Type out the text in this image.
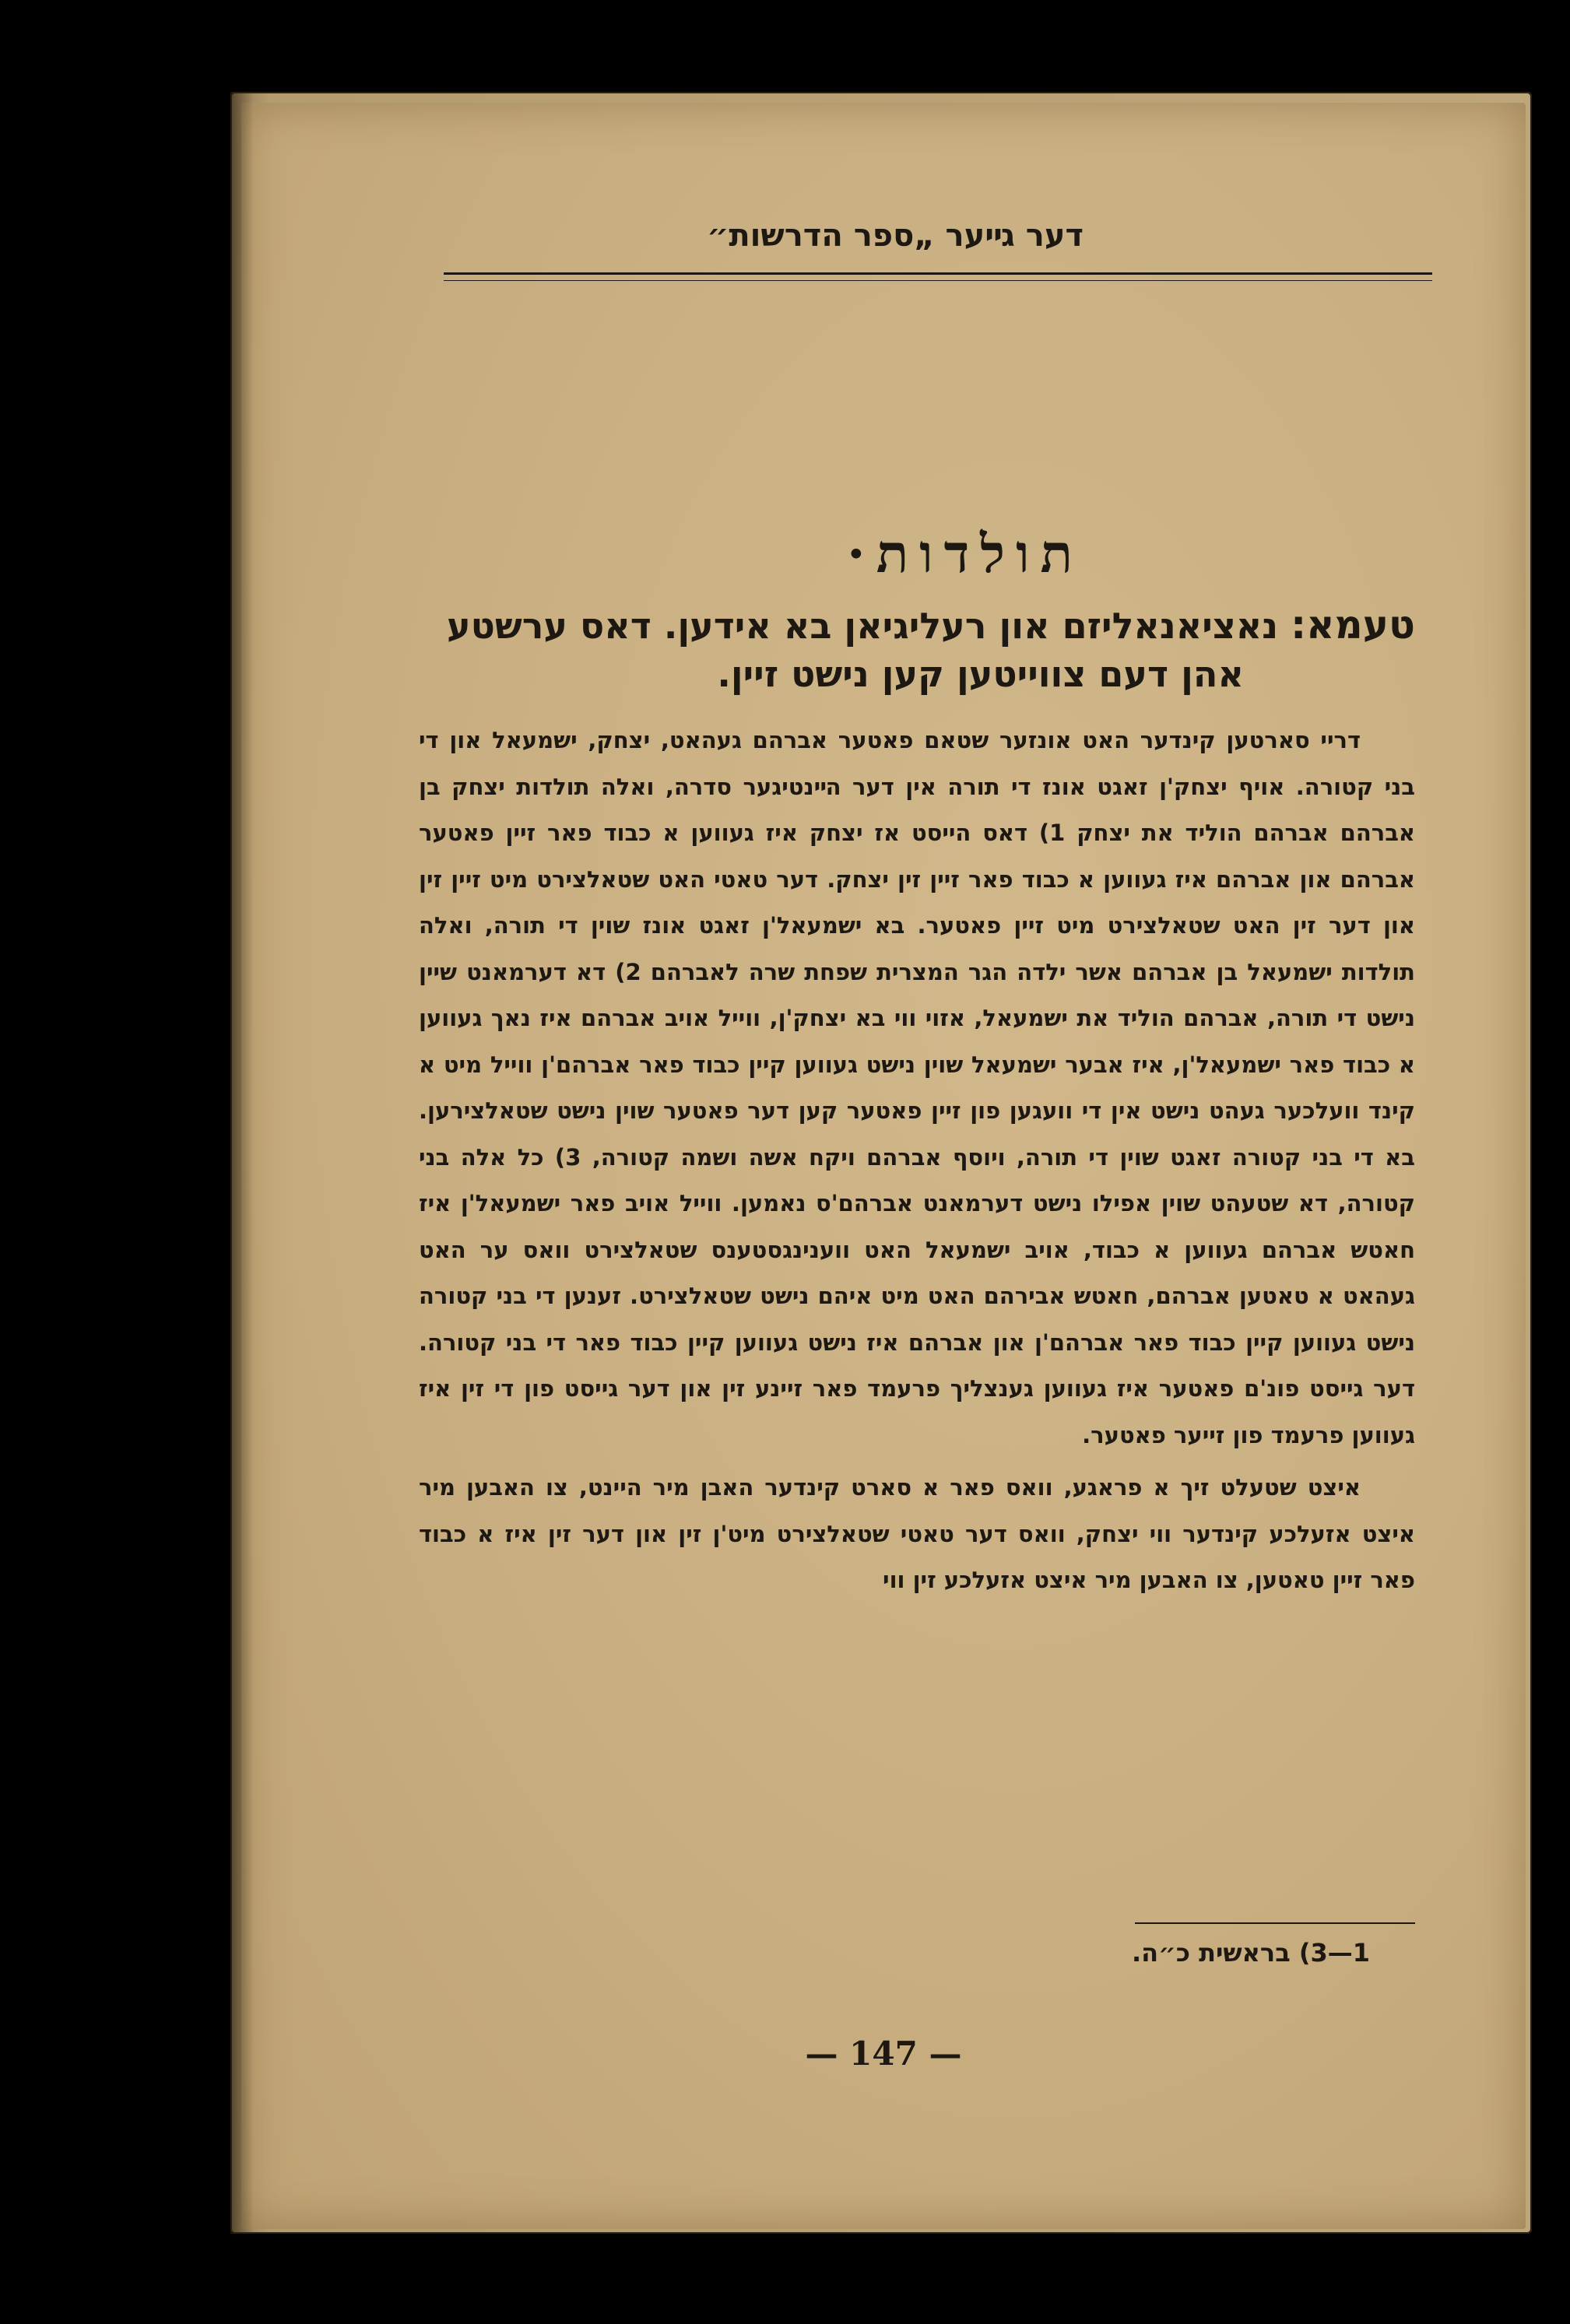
דער גײער „ספר הדרשות״
תולדות·
טעמא: נאציאנאליזם און רעליגיאן בא אידען. דאס ערשטע
אהן דעם צווייטען קען נישט זיין.

דריי סארטען קינדער האט אונזער שטאם פאטער אברהם געהאט, יצחק, ישמעאל און די בני קטורה. אויף יצחק'ן זאגט אונז די תורה אין דער הײנטיגער סדרה, ואלה תולדות יצחק בן אברהם אברהם הוליד את יצחק 1) דאס הייסט אז יצחק איז געווען א כבוד פאר זיין פאטער אברהם און אברהם איז געווען א כבוד פאר זיין זין יצחק. דער טאטי האט שטאלצירט מיט זיין זין און דער זין האט שטאלצירט מיט זיין פאטער. בא ישמעאל'ן זאגט אונז שוין די תורה, ואלה תולדות ישמעאל בן אברהם אשר ילדה הגר המצרית שפחת שרה לאברהם 2) דא דערמאנט שיין נישט די תורה, אברהם הוליד את ישמעאל, אזוי ווי בא יצחק'ן, ווייל אויב אברהם איז נאך געווען א כבוד פאר ישמעאל'ן, איז אבער ישמעאל שוין נישט געווען קיין כבוד פאר אברהם'ן ווייל מיט א קינד וועלכער געהט נישט אין די וועגען פון זיין פאטער קען דער פאטער שוין נישט שטאלצירען. בא די בני קטורה זאגט שוין די תורה, ויוסף אברהם ויקח אשה ושמה קטורה, 3) כל אלה בני קטורה, דא שטעהט שוין אפילו נישט דערמאנט אברהם'ס נאמען. ווייל אויב פאר ישמעאל'ן איז חאטש אברהם געווען א כבוד, אויב ישמעאל האט ווענינגסטענס שטאלצירט וואס ער האט געהאט א טאטען אברהם, חאטש אבירהם האט מיט איהם נישט שטאלצירט. זענען די בני קטורה נישט געווען קיין כבוד פאר אברהם'ן און אברהם איז נישט געווען קיין כבוד פאר די בני קטורה. דער גייסט פונ'ם פאטער איז געווען גענצליך פרעמד פאר זיינע זין און דער גייסט פון די זין איז געווען פרעמד פון זייער פאטער.

איצט שטעלט זיך א פראגע, וואס פאר א סארט קינדער האבן מיר היינט, צו האבען מיר איצט אזעלכע קינדער ווי יצחק, וואס דער טאטי שטאלצירט מיט'ן זין און דער זין איז א כבוד פאר זיין טאטען, צו האבען מיר איצט אזעלכע זין ווי

1—3) בראשית כ״ה.
— 147 —
